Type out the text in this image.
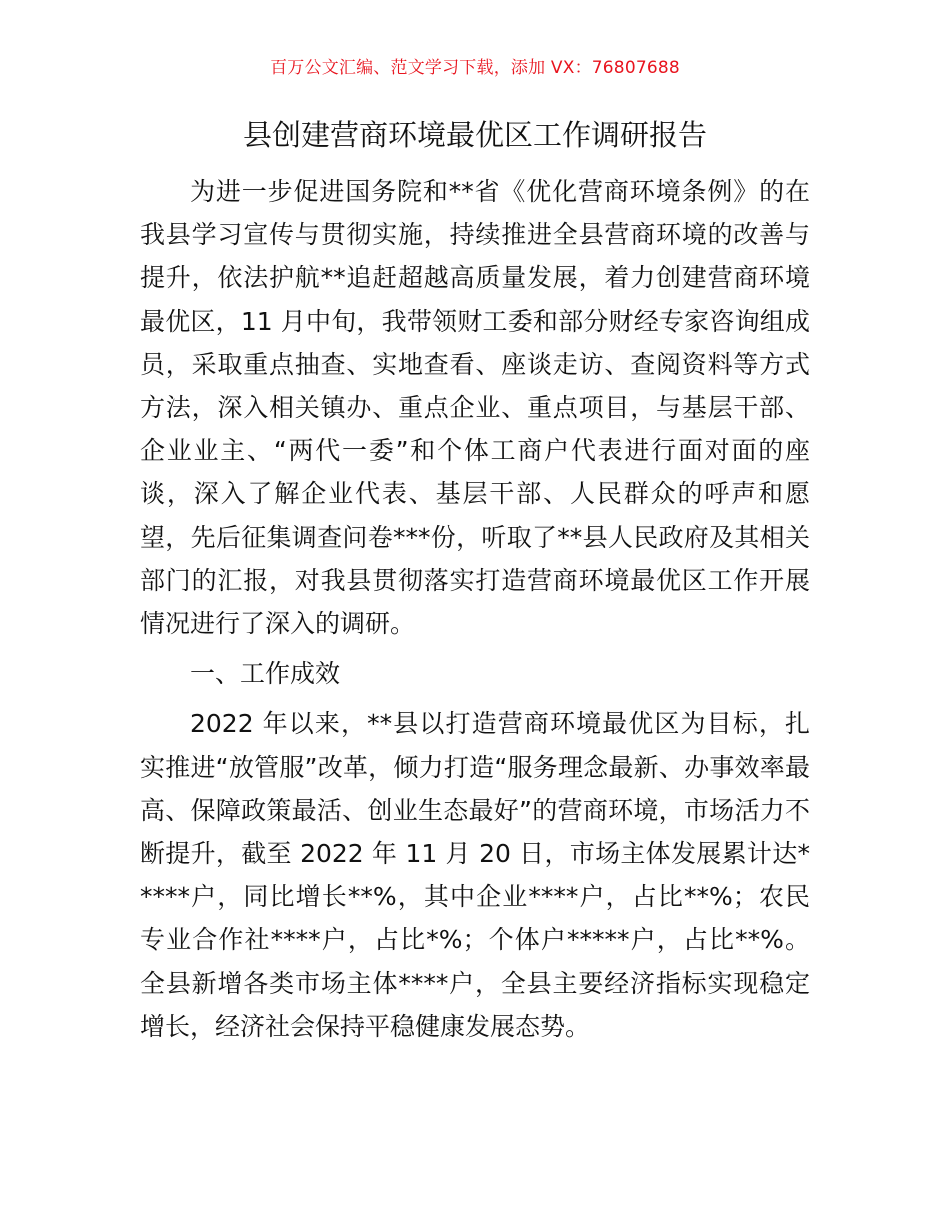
百万公文汇编、范文学习下载，添加 VX：76807688
县创建营商环境最优区工作调研报告

为进一步促进国务院和**省《优化营商环境条例》的在我县学习宣传与贯彻实施，持续推进全县营商环境的改善与提升，依法护航**追赶超越高质量发展，着力创建营商环境最优区，11 月中旬，我带领财工委和部分财经专家咨询组成员，采取重点抽查、实地查看、座谈走访、查阅资料等方式方法，深入相关镇办、重点企业、重点项目，与基层干部、企业业主、“两代一委”和个体工商户代表进行面对面的座谈，深入了解企业代表、基层干部、人民群众的呼声和愿望，先后征集调查问卷***份，听取了**县人民政府及其相关部门的汇报，对我县贯彻落实打造营商环境最优区工作开展情况进行了深入的调研。

一、工作成效

2022 年以来，**县以打造营商环境最优区为目标，扎实推进“放管服”改革，倾力打造“服务理念最新、办事效率最高、保障政策最活、创业生态最好”的营商环境，市场活力不断提升，截至 2022 年 11 月 20 日，市场主体发展累计达*****户，同比增长**%，其中企业****户，占比**%；农民专业合作社****户，占比*%；个体户*****户，占比**%。全县新增各类市场主体****户，全县主要经济指标实现稳定增长，经济社会保持平稳健康发展态势。
